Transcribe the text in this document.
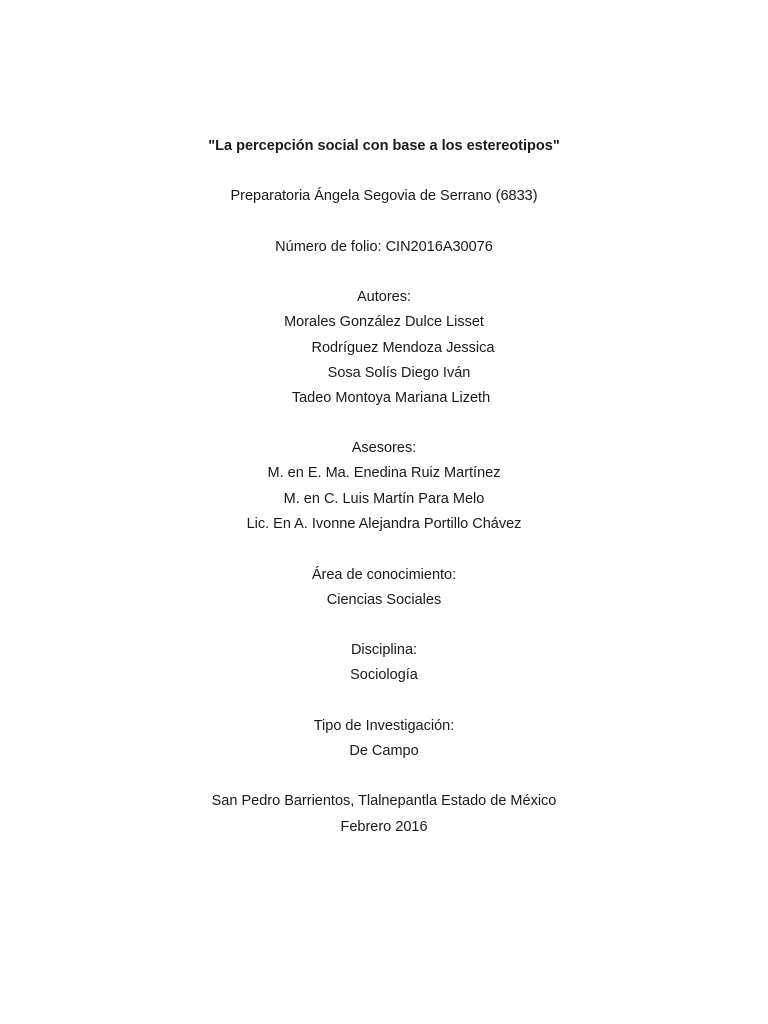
"La percepción social con base a los estereotipos"
Preparatoria Ángela Segovia de Serrano (6833)
Número de folio: CIN2016A30076
Autores:
Morales González Dulce Lisset
Rodríguez Mendoza Jessica
Sosa Solís Diego Iván
Tadeo Montoya Mariana Lizeth
Asesores:
M. en E. Ma. Enedina Ruiz Martínez
M. en C. Luis Martín Para Melo
Lic. En A. Ivonne Alejandra Portillo Chávez
Área de conocimiento:
Ciencias Sociales
Disciplina:
Sociología
Tipo de Investigación:
De Campo
San Pedro Barrientos, Tlalnepantla Estado de México
Febrero 2016
